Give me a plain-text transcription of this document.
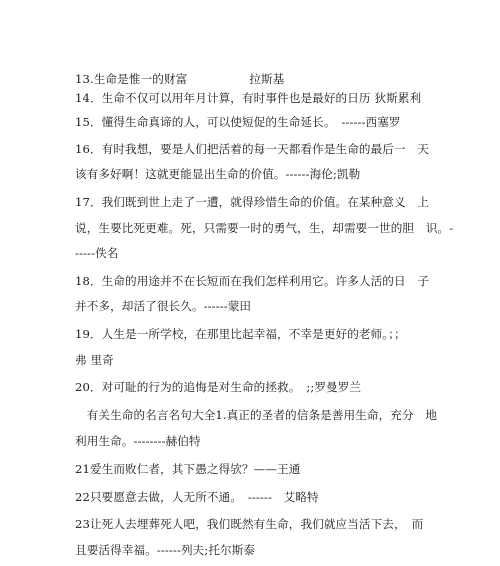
13.生命是惟一的财富	拉斯基
14．生命不仅可以用年月计算，有时事件也是最好的日历 狄斯累利
15．懂得生命真谛的人，可以使短促的生命延长。　------西塞罗
16．有时我想，要是人们把活着的每一天都看作是生命的最后一　天
该有多好啊！这就更能显出生命的价值。------海伦;凯勒
17．我们既到世上走了一遭，就得珍惜生命的价值。在某种意义　上
说，生要比死更难。死，只需要一时的勇气，生，却需要一世的胆　识。-
-----佚名
18．生命的用途并不在长短而在我们怎样利用它。许多人活的日　子
并不多，却活了很长久。------蒙田
19．人生是一所学校，在那里比起幸福，不幸是更好的老师。；；
弗 里奇
20．对可耻的行为的追悔是对生命的拯救。　;;罗曼罗兰
　有关生命的名言名句大全1.真正的圣者的信条是善用生命，充分　地
利用生命。--------赫伯特
21爱生而败仁者，其下愚之得欤？——王通
22只要愿意去做，人无所不通。　------　艾略特
23让死人去埋葬死人吧，我们既然有生命，我们就应当活下去，　而
且要活得幸福。------列夫;托尔斯泰
